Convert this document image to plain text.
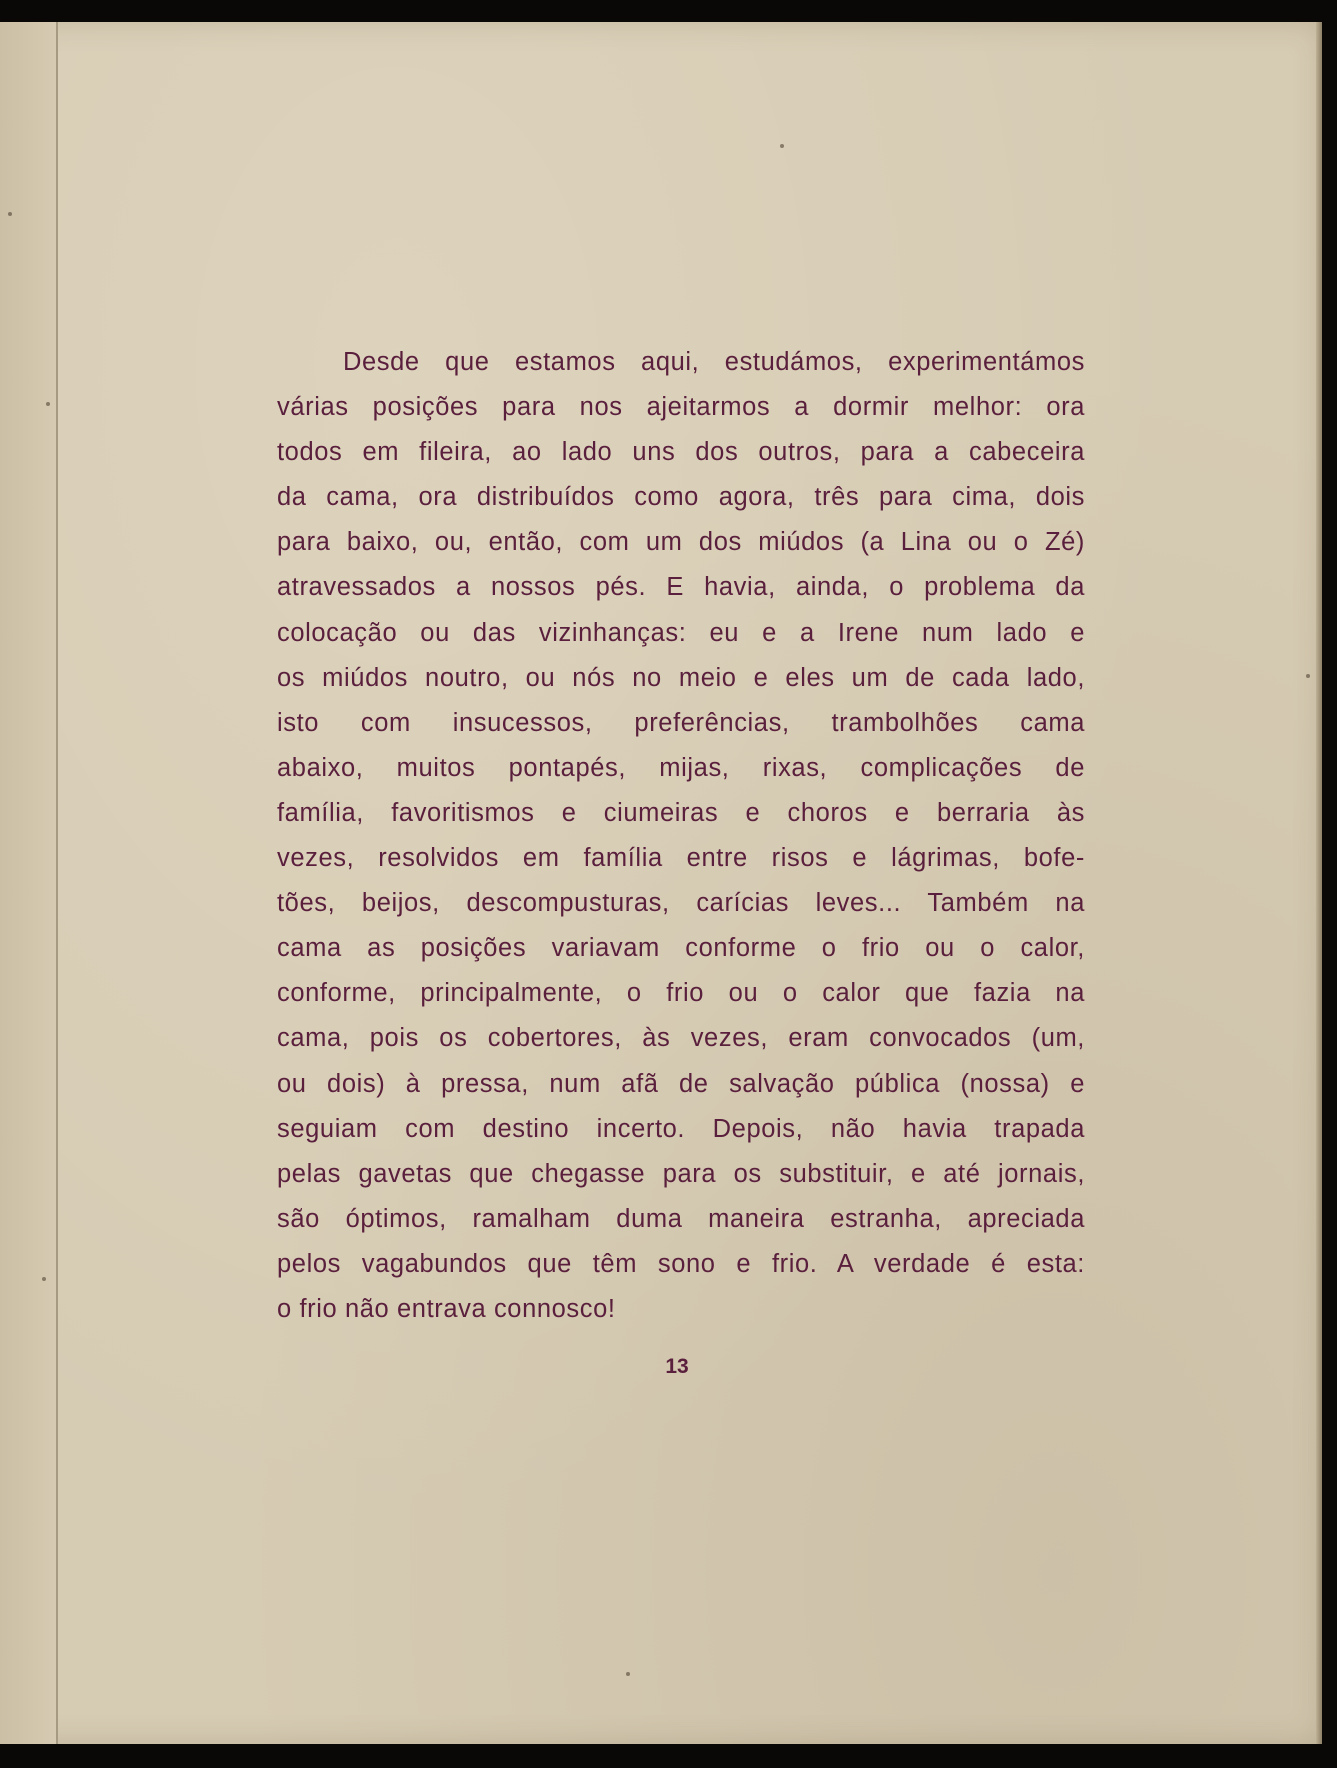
Desde que estamos aqui, estudámos, experimentámos
várias posições para nos ajeitarmos a dormir melhor: ora
todos em fileira, ao lado uns dos outros, para a cabeceira
da cama, ora distribuídos como agora, três para cima, dois
para baixo, ou, então, com um dos miúdos (a Lina ou o Zé)
atravessados a nossos pés. E havia, ainda, o problema da
colocação ou das vizinhanças: eu e a Irene num lado e
os miúdos noutro, ou nós no meio e eles um de cada lado,
isto com insucessos, preferências, trambolhões cama
abaixo, muitos pontapés, mijas, rixas, complicações de
família, favoritismos e ciumeiras e choros e berraria às
vezes, resolvidos em família entre risos e lágrimas, bofe-
tões, beijos, descompusturas, carícias leves... Também na
cama as posições variavam conforme o frio ou o calor,
conforme, principalmente, o frio ou o calor que fazia na
cama, pois os cobertores, às vezes, eram convocados (um,
ou dois) à pressa, num afã de salvação pública (nossa) e
seguiam com destino incerto. Depois, não havia trapada
pelas gavetas que chegasse para os substituir, e até jornais,
são óptimos, ramalham duma maneira estranha, apreciada
pelos vagabundos que têm sono e frio. A verdade é esta:
o frio não entrava connosco!

13
